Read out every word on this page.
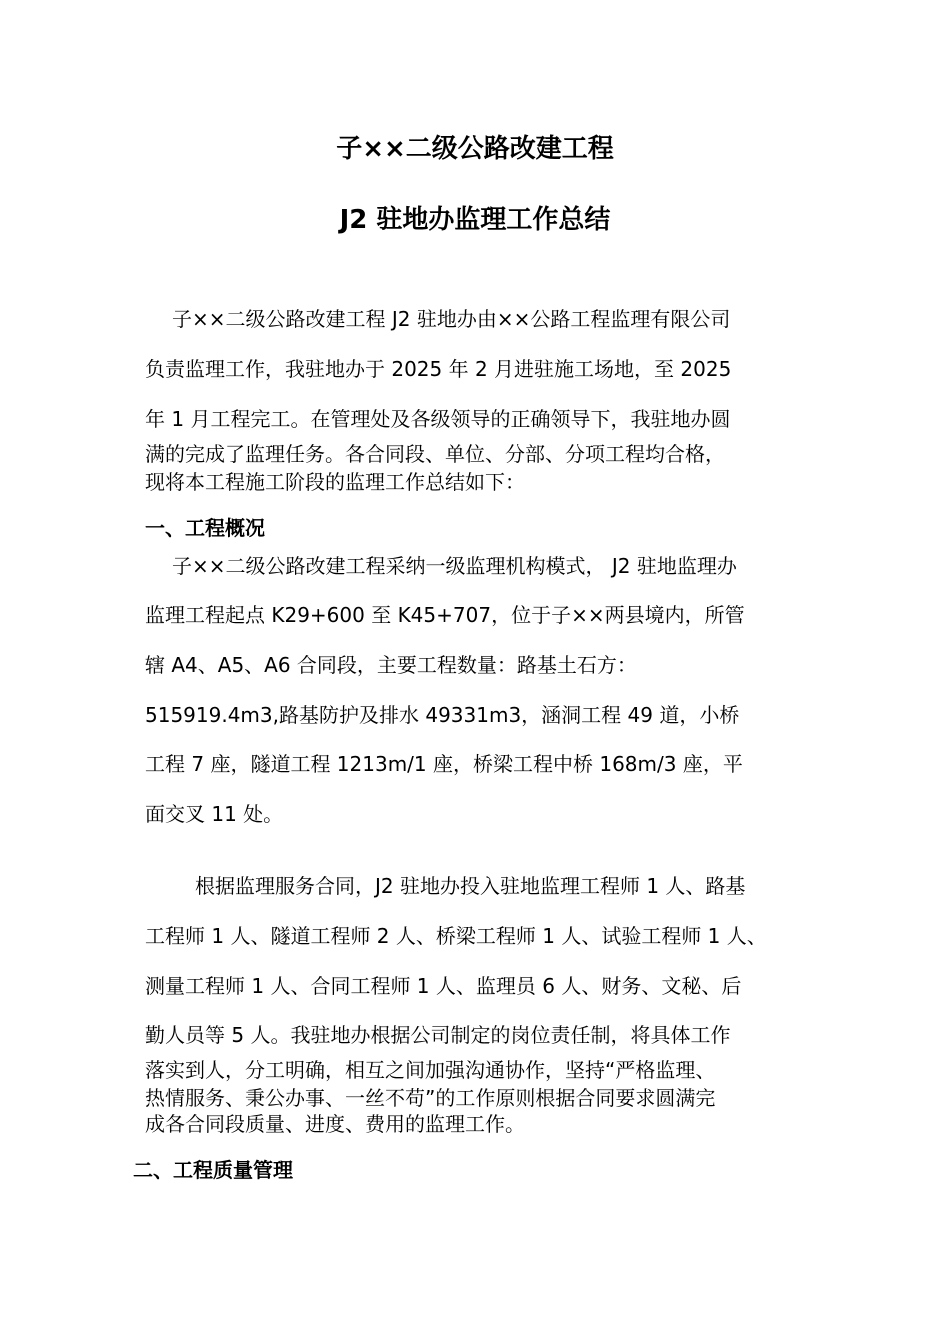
子××二级公路改建工程
J2 驻地办监理工作总结

子××二级公路改建工程 J2 驻地办由××公路工程监理有限公司

负责监理工作，我驻地办于 2025 年 2 月进驻施工场地，至 2025

年 1 月工程完工。在管理处及各级领导的正确领导下，我驻地办圆

满的完成了监理任务。各合同段、单位、分部、分项工程均合格，

现将本工程施工阶段的监理工作总结如下：

一、工程概况

子××二级公路改建工程采纳一级监理机构模式， J2 驻地监理办

监理工程起点 K29+600 至 K45+707，位于子××两县境内，所管

辖 A4、A5、A6 合同段，主要工程数量：路基土石方：

515919.4m3,路基防护及排水 49331m3，涵洞工程 49 道，小桥

工程 7 座，隧道工程 1213m/1 座，桥梁工程中桥 168m/3 座，平

面交叉 11 处。

根据监理服务合同，J2 驻地办投入驻地监理工程师 1 人、路基

工程师 1 人、隧道工程师 2 人、桥梁工程师 1 人、试验工程师 1 人、

测量工程师 1 人、合同工程师 1 人、监理员 6 人、财务、文秘、后

勤人员等 5 人。我驻地办根据公司制定的岗位责任制，将具体工作

落实到人，分工明确，相互之间加强沟通协作，坚持“严格监理、

热情服务、秉公办事、一丝不苟”的工作原则根据合同要求圆满完

成各合同段质量、进度、费用的监理工作。

二、工程质量管理
